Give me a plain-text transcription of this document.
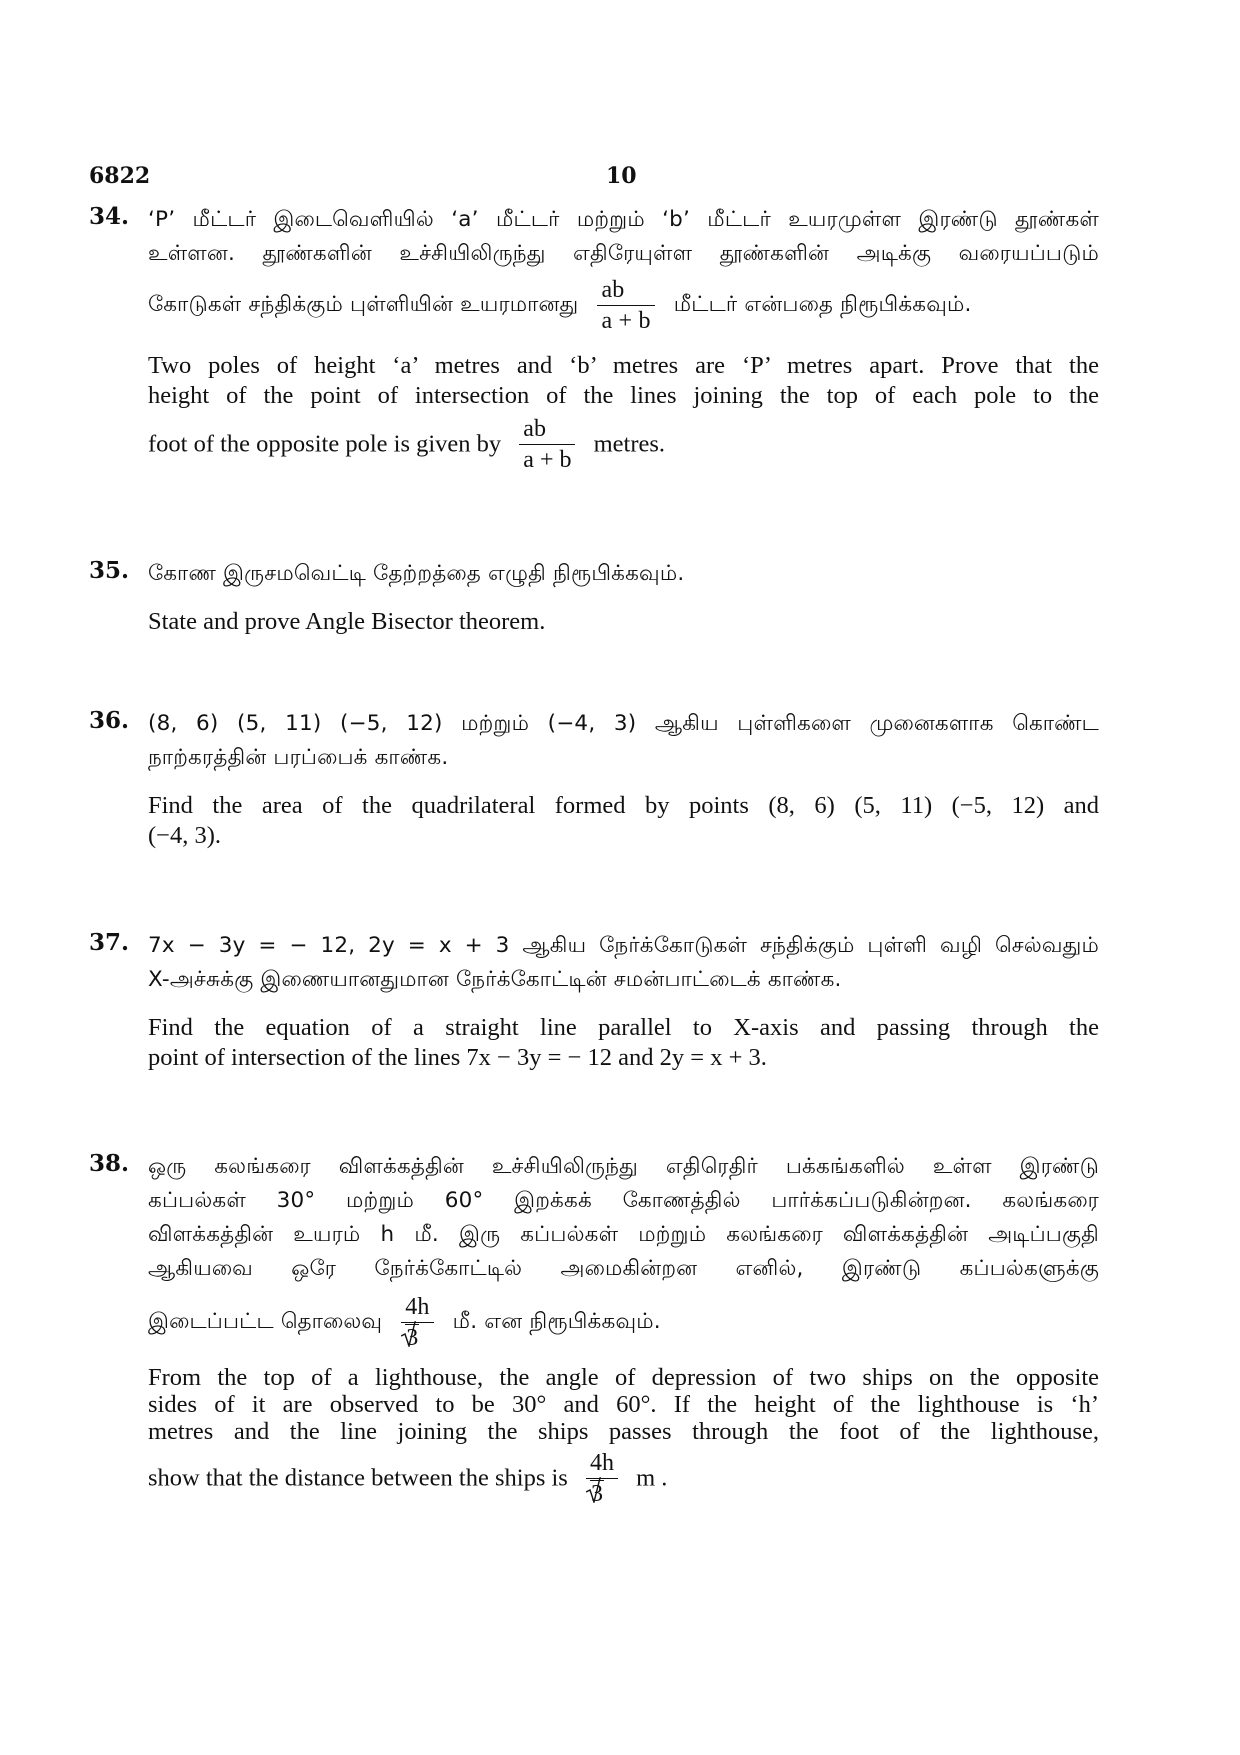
6822	10
34. ‘P’ மீட்டர் இடைவெளியில் ‘a’ மீட்டர் மற்றும் ‘b’ மீட்டர் உயரமுள்ள இரண்டு தூண்கள்
உள்ளன. தூண்களின் உச்சியிலிருந்து எதிரேயுள்ள தூண்களின் அடிக்கு வரையப்படும்
கோடுகள் சந்திக்கும் புள்ளியின் உயரமானது $\frac{ab}{a + b}$ மீட்டர் என்பதை நிரூபிக்கவும்.
Two poles of height ‘a’ metres and ‘b’ metres are ‘P’ metres apart. Prove that the
height of the point of intersection of the lines joining the top of each pole to the
foot of the opposite pole is given by $\frac{ab}{a + b}$ metres.
35. கோண இருசமவெட்டி தேற்றத்தை எழுதி நிரூபிக்கவும்.
State and prove Angle Bisector theorem.
36. (8, 6) (5, 11) (−5, 12) மற்றும் (−4, 3) ஆகிய புள்ளிகளை முனைகளாக கொண்ட
நாற்கரத்தின் பரப்பைக் காண்க.
Find the area of the quadrilateral formed by points (8, 6) (5, 11) (−5, 12) and
(−4, 3).
37. 7x − 3y = − 12, 2y = x + 3 ஆகிய நேர்க்கோடுகள் சந்திக்கும் புள்ளி வழி செல்வதும்
X-அச்சுக்கு இணையானதுமான நேர்க்கோட்டின் சமன்பாட்டைக் காண்க.
Find the equation of a straight line parallel to X-axis and passing through the
point of intersection of the lines 7x − 3y = − 12 and 2y = x + 3.
38. ஒரு கலங்கரை விளக்கத்தின் உச்சியிலிருந்து எதிரெதிர் பக்கங்களில் உள்ள இரண்டு
கப்பல்கள் 30° மற்றும் 60° இறக்கக் கோணத்தில் பார்க்கப்படுகின்றன. கலங்கரை
விளக்கத்தின் உயரம் h மீ. இரு கப்பல்கள் மற்றும் கலங்கரை விளக்கத்தின் அடிப்பகுதி
ஆகியவை ஒரே நேர்க்கோட்டில் அமைகின்றன எனில், இரண்டு கப்பல்களுக்கு
இடைப்பட்ட தொலைவு $\frac{4h}{3}$ மீ. என நிரூபிக்கவும்.
From the top of a lighthouse, the angle of depression of two ships on the opposite
sides of it are observed to be 30° and 60°. If the height of the lighthouse is ‘h’
metres and the line joining the ships passes through the foot of the lighthouse,
show that the distance between the ships is $\frac{4h}{3}$ m .
